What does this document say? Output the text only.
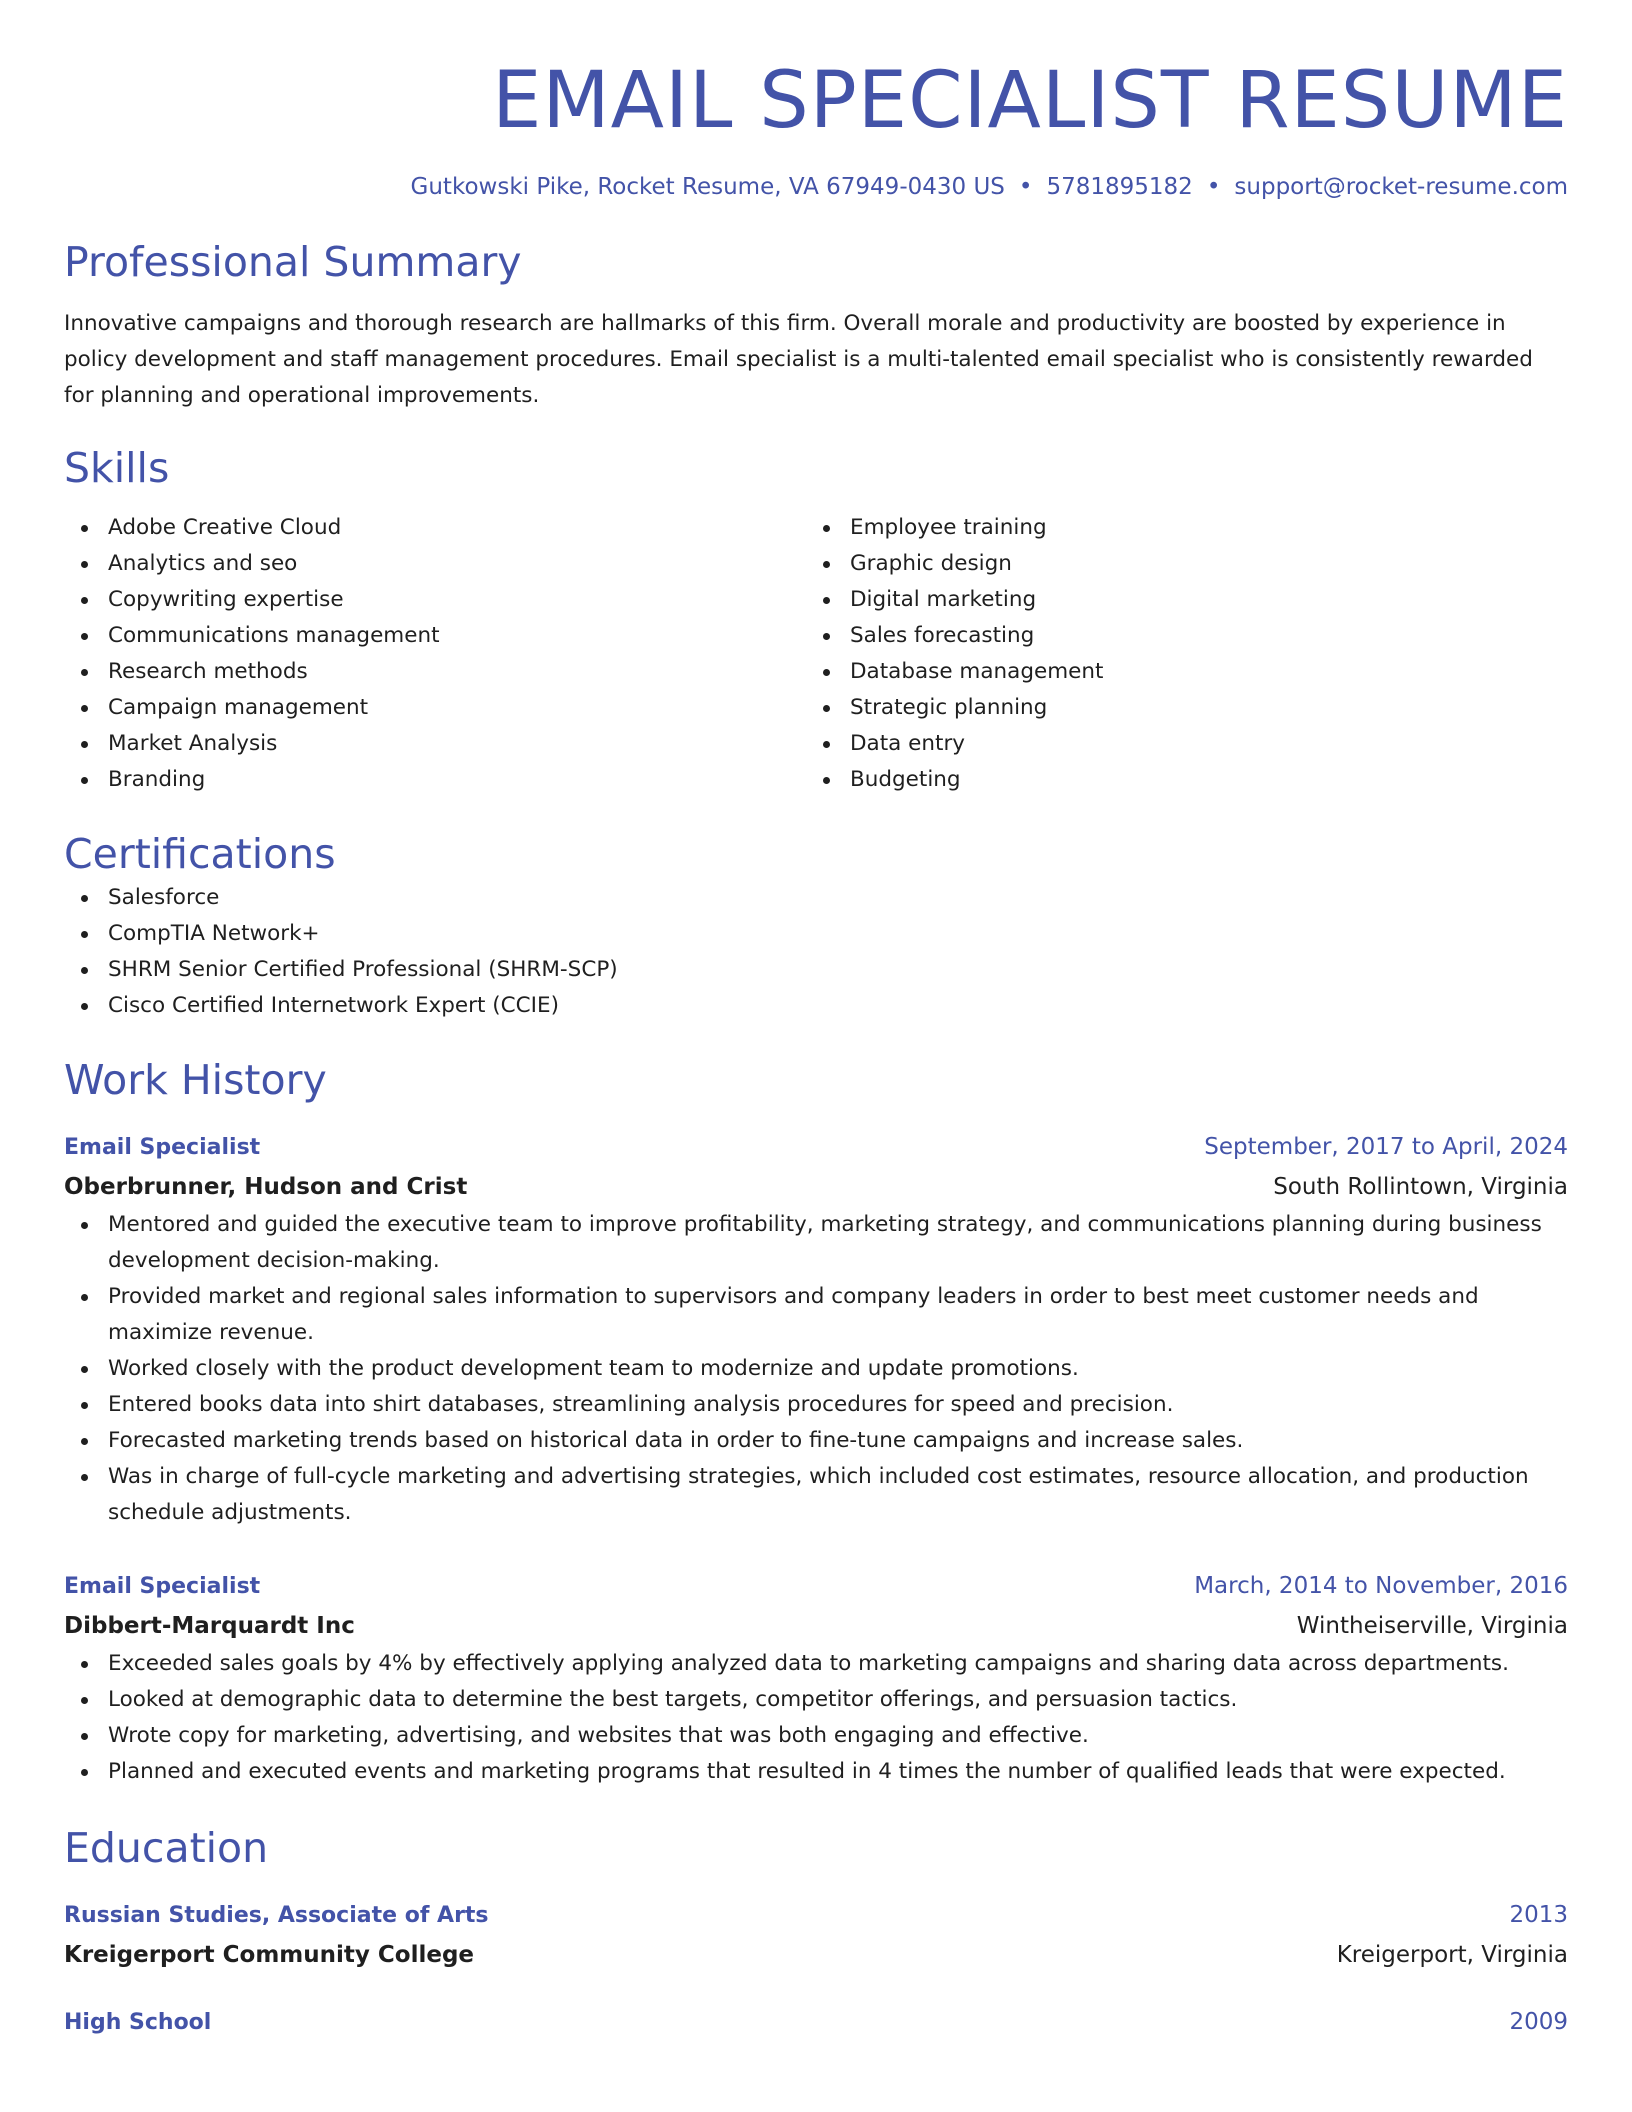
EMAIL SPECIALIST RESUME
Gutkowski Pike, Rocket Resume, VA 67949-0430 US • 5781895182 • support@rocket-resume.com
Professional Summary

Innovative campaigns and thorough research are hallmarks of this firm. Overall morale and productivity are boosted by experience in policy development and staff management procedures. Email specialist is a multi-talented email specialist who is consistently rewarded for planning and operational improvements.

Skills
Adobe Creative Cloud
Analytics and seo
Copywriting expertise
Communications management
Research methods
Campaign management
Market Analysis
Branding
Employee training
Graphic design
Digital marketing
Sales forecasting
Database management
Strategic planning
Data entry
Budgeting
Certifications
Salesforce
CompTIA Network+
SHRM Senior Certified Professional (SHRM-SCP)
Cisco Certified Internetwork Expert (CCIE)
Work History
Email Specialist	September, 2017 to April, 2024
Oberbrunner, Hudson and Crist	South Rollintown, Virginia
Mentored and guided the executive team to improve profitability, marketing strategy, and communications planning during business development decision-making.
Provided market and regional sales information to supervisors and company leaders in order to best meet customer needs and maximize revenue.
Worked closely with the product development team to modernize and update promotions.
Entered books data into shirt databases, streamlining analysis procedures for speed and precision.
Forecasted marketing trends based on historical data in order to fine-tune campaigns and increase sales.
Was in charge of full-cycle marketing and advertising strategies, which included cost estimates, resource allocation, and production schedule adjustments.
Email Specialist	March, 2014 to November, 2016
Dibbert-Marquardt Inc	Wintheiserville, Virginia
Exceeded sales goals by 4% by effectively applying analyzed data to marketing campaigns and sharing data across departments.
Looked at demographic data to determine the best targets, competitor offerings, and persuasion tactics.
Wrote copy for marketing, advertising, and websites that was both engaging and effective.
Planned and executed events and marketing programs that resulted in 4 times the number of qualified leads that were expected.
Education
Russian Studies, Associate of Arts	2013
Kreigerport Community College	Kreigerport, Virginia
High School	2009
